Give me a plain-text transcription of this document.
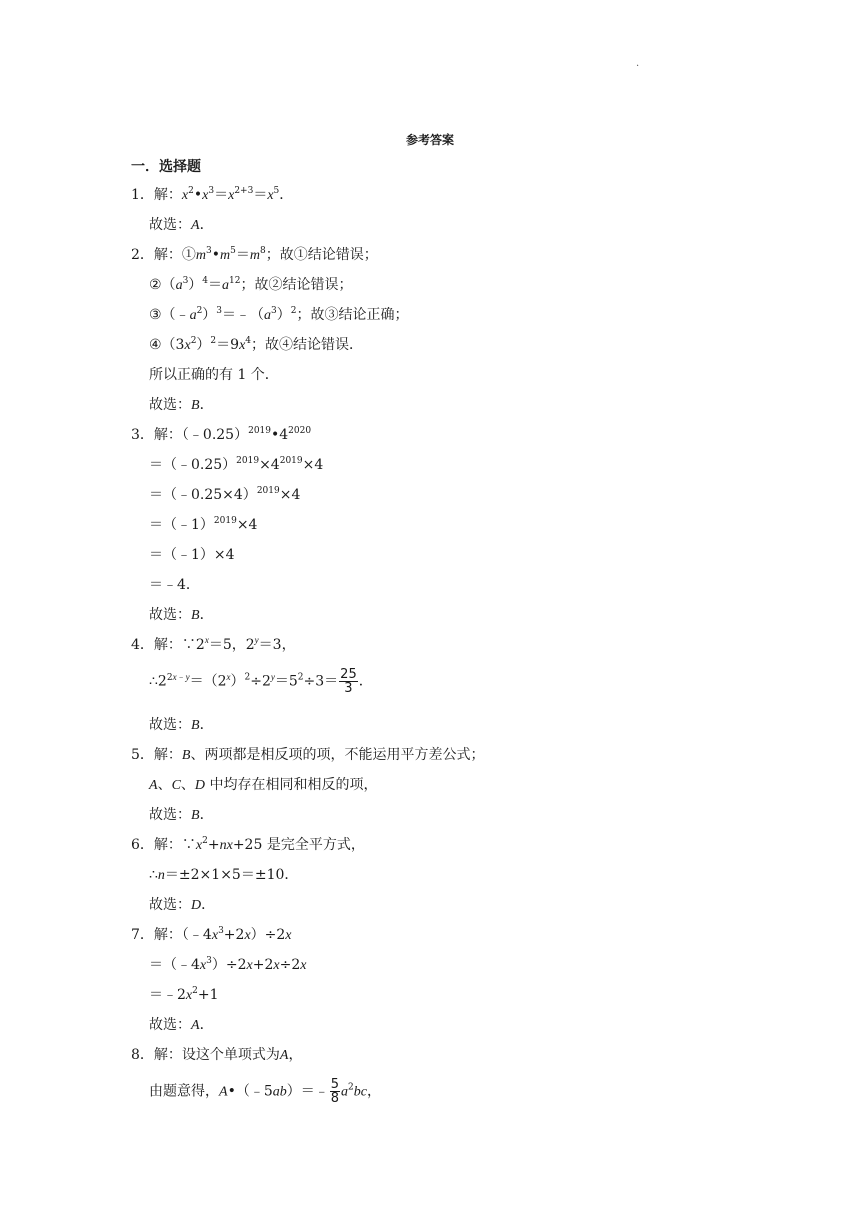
.
参考答案
一．选择题
1．解：$x^2•x^3=x^{2+3}=x^5$．
故选：A．
2．解：$①m^3•m^5=m^8$；故①结论错误；
$②(a^3)^4=a^{12}$；故②结论错误；
$③(﹣a^2)^3=﹣(a^3)^2$；故③结论正确；
$④(3x^2)^2=9x^4$；故④结论错误．
所以正确的有 1 个．
故选：B．
3．解：$(﹣0.25)^{2019}•4^{2020}$
$=(﹣0.25)^{2019}\times 4^{2019}\times 4$
＝（﹣0.25×4）$^{2019}$×4
＝（﹣1）$^{2019}$×4
＝（﹣1）×4
＝﹣4．
故选：B．
4．解：$\because 2^x=5$，$2^y=3$，
$\therefore 2^{2x﹣y}=(2^x)^2\div 2^y=5^2\div 3= \frac{25}{3}$ ．
故选：B．
5．解：B、两项都是相反项的项，不能运用平方差公式；
A、C、D 中均存在相同和相反的项，
故选：B．
6．解：$\because x^2+nx+25$ 是完全平方式，
∴n＝±2×1×5＝±10．
故选：D．
7．解：$(﹣4x^3+2x)\div 2x$
$=(﹣4x^3)\div 2x+2x\div 2x$
$=﹣2x^2+1$
故选：A．
8．解：设这个单项式为A，
由题意得，A•（﹣5ab）＝﹣ $\frac{5}{8} a^2bc$，
